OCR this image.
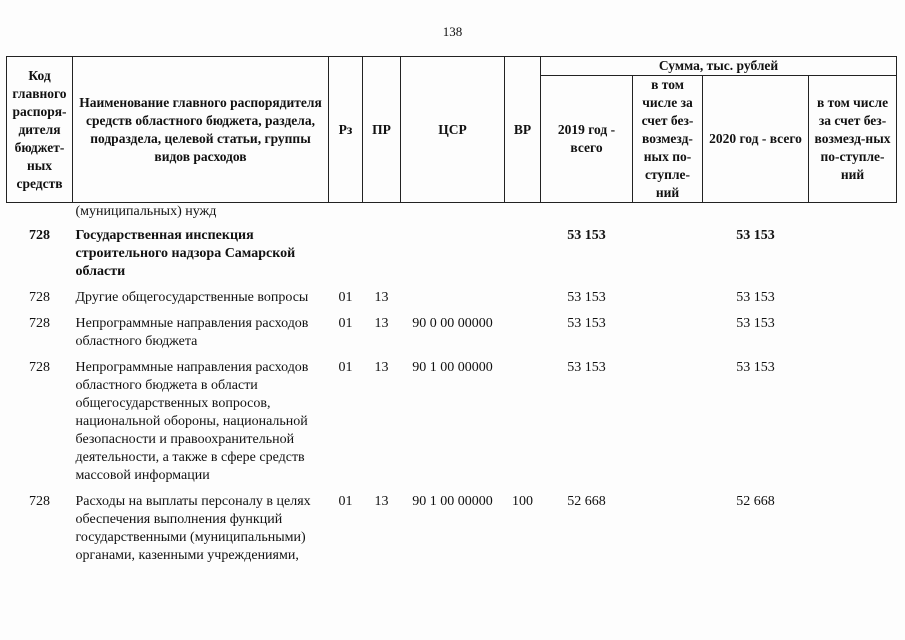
138
Код главного распоря-дителя бюджет-ных средств	Наименование главного распорядителя средств областного бюджета, раздела, подраздела, целевой статьи, группы видов расходов	Рз	ПР	ЦСР	ВР	Сумма, тыс. рублей			
						2019 год - всего	в том числе за счет без-возмезд-ных по-ступле-ний	2020 год - всего	в том числе за счет без-возмезд-ных по-ступле-ний
	(муниципальных) нужд								
728	Государственная инспекция строительного надзора Самарской области					53 153		53 153	
728	Другие общегосударственные вопросы	01	13			53 153		53 153	
728	Непрограммные направления расходов областного бюджета	01	13	90 0 00 00000		53 153		53 153	
728	Непрограммные направления расходов областного бюджета в области общегосударственных вопросов, национальной обороны, национальной безопасности и правоохранительной деятельности, а также в сфере средств массовой информации	01	13	90 1 00 00000		53 153		53 153	
728	Расходы на выплаты персоналу в целях обеспечения выполнения функций государственными (муниципальными) органами, казенными учреждениями,	01	13	90 1 00 00000	100	52 668		52 668	
